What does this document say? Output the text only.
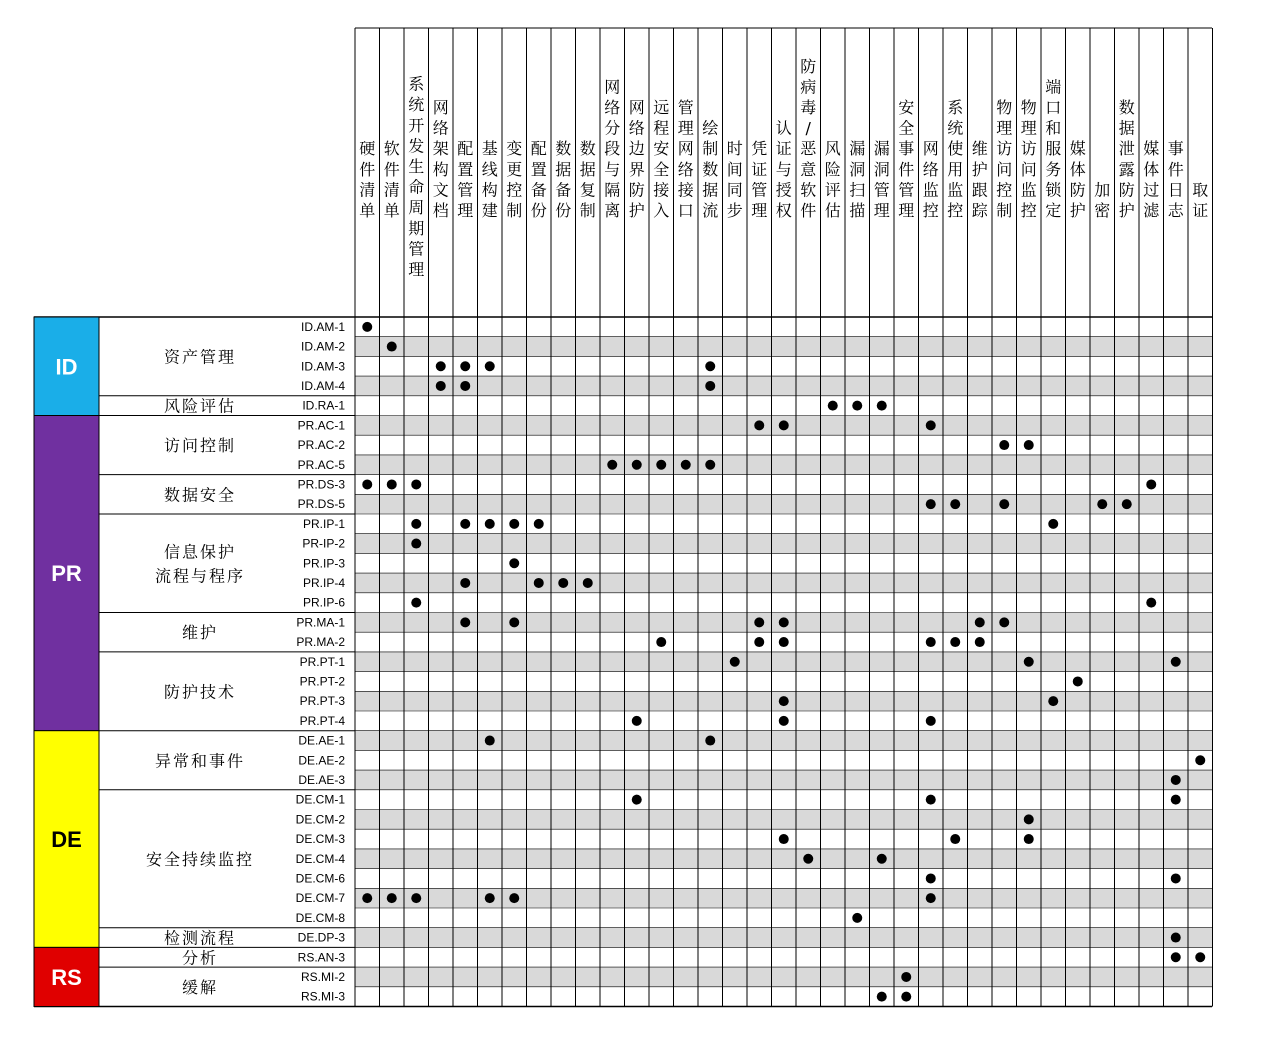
ID
PR
DE
RS
资产管理
风险评估
访问控制
数据安全
信息保护
流程与程序
维护
防护技术
异常和事件
安全持续监控
检测流程
分析
缓解
ID.AM-1
ID.AM-2
ID.AM-3
ID.AM-4
ID.RA-1
PR.AC-1
PR.AC-2
PR.AC-5
PR.DS-3
PR.DS-5
PR.IP-1
PR-IP-2
PR.IP-3
PR.IP-4
PR.IP-6
PR.MA-1
PR.MA-2
PR.PT-1
PR.PT-2
PR.PT-3
PR.PT-4
DE.AE-1
DE.AE-2
DE.AE-3
DE.CM-1
DE.CM-2
DE.CM-3
DE.CM-4
DE.CM-6
DE.CM-7
DE.CM-8
DE.DP-3
RS.AN-3
RS.MI-2
RS.MI-3
硬件清单
软件清单
系统开发生命周期管理
网络架构文档
配置管理
基线构建
变更控制
配置备份
数据备份
数据复制
网络分段与隔离
网络边界防护
远程安全接入
管理网络接口
绘制数据流
时间同步
凭证管理
认证与授权
防病毒/恶意软件
风险评估
漏洞扫描
漏洞管理
安全事件管理
网络监控
系统使用监控
维护跟踪
物理访问控制
物理访问监控
端口和服务锁定
媒体防护
加密
数据泄露防护
媒体过滤
事件日志
取证
